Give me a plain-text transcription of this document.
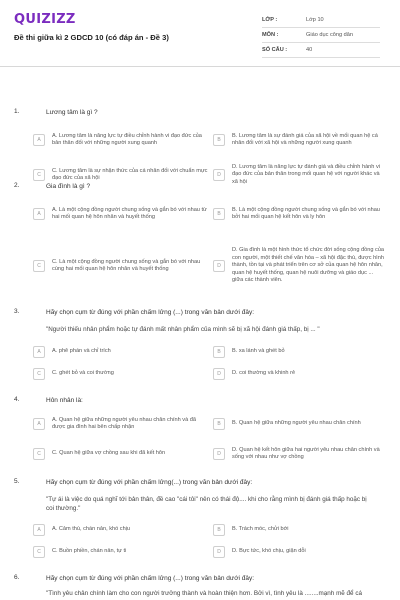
QUIZIZZ
Đề thi giữa kì 2 GDCD 10 (có đáp án - Đề 3)
LỚP :	Lớp 10
MÔN :	Giáo dục công dân
SỐ CÂU :	40
1.	Lương tâm là gì ?
A
A. Lương tâm là năng lực tự điều chỉnh hành vi đạo đức của bản thân đối với những người xung quanh	B
B. Lương tâm là sự đánh giá của xã hội về mối quan hệ cá nhân đối với xã hội và những người xung quanh
C
C. Lương tâm là sự nhận thức của cá nhân đối với chuẩn mực đạo đức của xã hội	D
D. Lương tâm là năng lực tự đánh giá và điều chỉnh hành vi đạo đức của bản thân trong mối quan hệ với người khác và xã hội
2.	Gia đình là gì ?
A
A. Là một cộng đồng người chung sống và gắn bó với nhau từ hai mối quan hệ hôn nhân và huyết thống	B
B. Là một cộng đồng người chung sống và gắn bó với nhau bởi hai mối quan hệ kết hôn và ly hôn
C
C. Là một cộng đồng người chung sống và gắn bó với nhau cùng hai mối quan hệ hôn nhân và huyết thống	D
D. Gia đình là một hình thức tổ chức đời sống cộng đồng của con người, một thiết chế văn hóa – xã hội đặc thù, được hình thành, tồn tại và phát triển trên cơ sở của quan hệ hôn nhân, quan hệ huyết thống, quan hệ nuôi dưỡng và giáo dục ... giữa các thành viên.
3.	Hãy chọn cụm từ đúng với phần chấm lửng (...) trong văn bản dưới đây:
"Người thiếu nhân phẩm hoặc tự đánh mất nhân phẩm của mình sẽ bị xã hội đánh giá thấp, bị ... "
A	A. phê phán và chỉ trích	B	B. xa lánh và ghét bỏ
C	C. ghét bỏ và coi thường	D	D. coi thường và khinh rẻ
4.	Hôn nhân là:
A
A. Quan hệ giữa những người yêu nhau chân chính và đã được gia đình hai bên chấp nhận	B	B. Quan hệ giữa những người yêu nhau chân chính
C	C. Quan hệ giữa vợ chồng sau khi đã kết hôn	D
D. Quan hệ kết hôn giữa hai người yêu nhau chân chính và sống với nhau như vợ chồng
5.	Hãy chọn cụm từ đúng với phần chấm lửng(...) trong văn bản dưới đây:
"Tự ái là việc do quá nghĩ tới bản thân, đề cao "cái tôi" nên có thái độ.... khi cho rằng mình bị đánh giá thấp hoặc bị coi thường."
A	A. Cảm thù, chán nản, khó chịu	B	B. Trách móc, chửi bới
C	C. Buồn phiền, chán nản, tự ti	D	D. Bực tức, khó chịu, giận dỗi
6.	Hãy chọn cụm từ đúng với phần chấm lửng (...) trong văn bản dưới đây:
"Tình yêu chân chính làm cho con người trưởng thành và hoàn thiện hơn. Bởi vì, tình yêu là ........mạnh mẽ để cá
